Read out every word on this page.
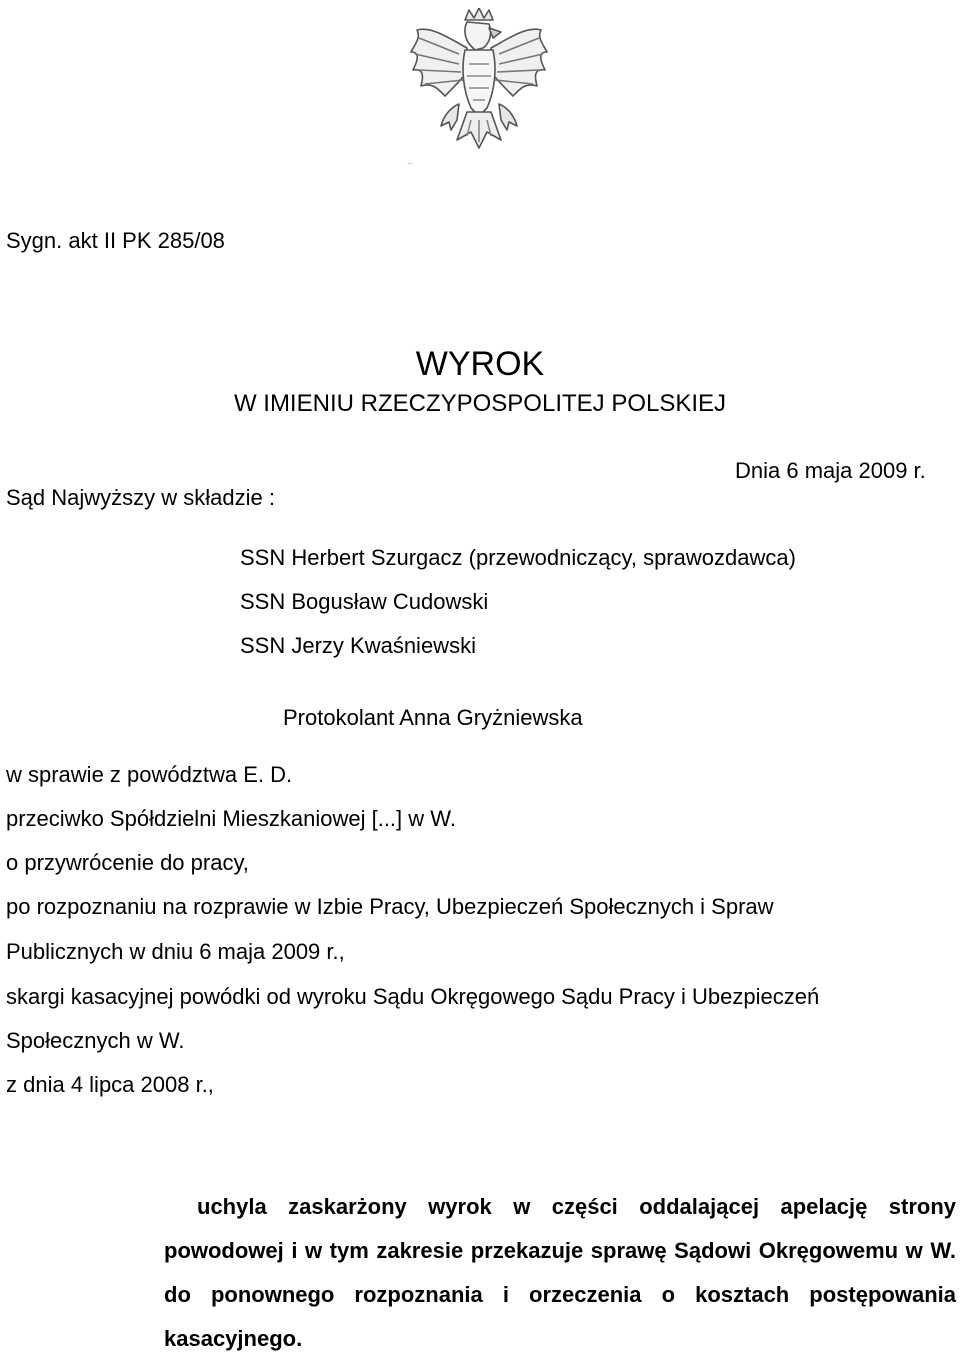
~
Sygn. akt II PK 285/08
WYROK
W IMIENIU RZECZYPOSPOLITEJ POLSKIEJ
Dnia 6 maja 2009 r.
Sąd Najwyższy w składzie :
SSN Herbert Szurgacz (przewodniczący, sprawozdawca)
SSN Bogusław Cudowski
SSN Jerzy Kwaśniewski
Protokolant Anna Gryżniewska
w sprawie z powództwa E. D.
przeciwko Spółdzielni Mieszkaniowej [...] w W.
o przywrócenie do pracy,
po rozpoznaniu na rozprawie w Izbie Pracy, Ubezpieczeń Społecznych i Spraw
Publicznych w dniu 6 maja 2009 r.,
skargi kasacyjnej powódki od wyroku Sądu Okręgowego Sądu Pracy i Ubezpieczeń
Społecznych w W.
z dnia 4 lipca 2008 r.,
uchyla zaskarżony wyrok w części oddalającej apelację strony powodowej i w tym zakresie przekazuje sprawę Sądowi Okręgowemu w W. do ponownego rozpoznania i orzeczenia o kosztach postępowania kasacyjnego.
